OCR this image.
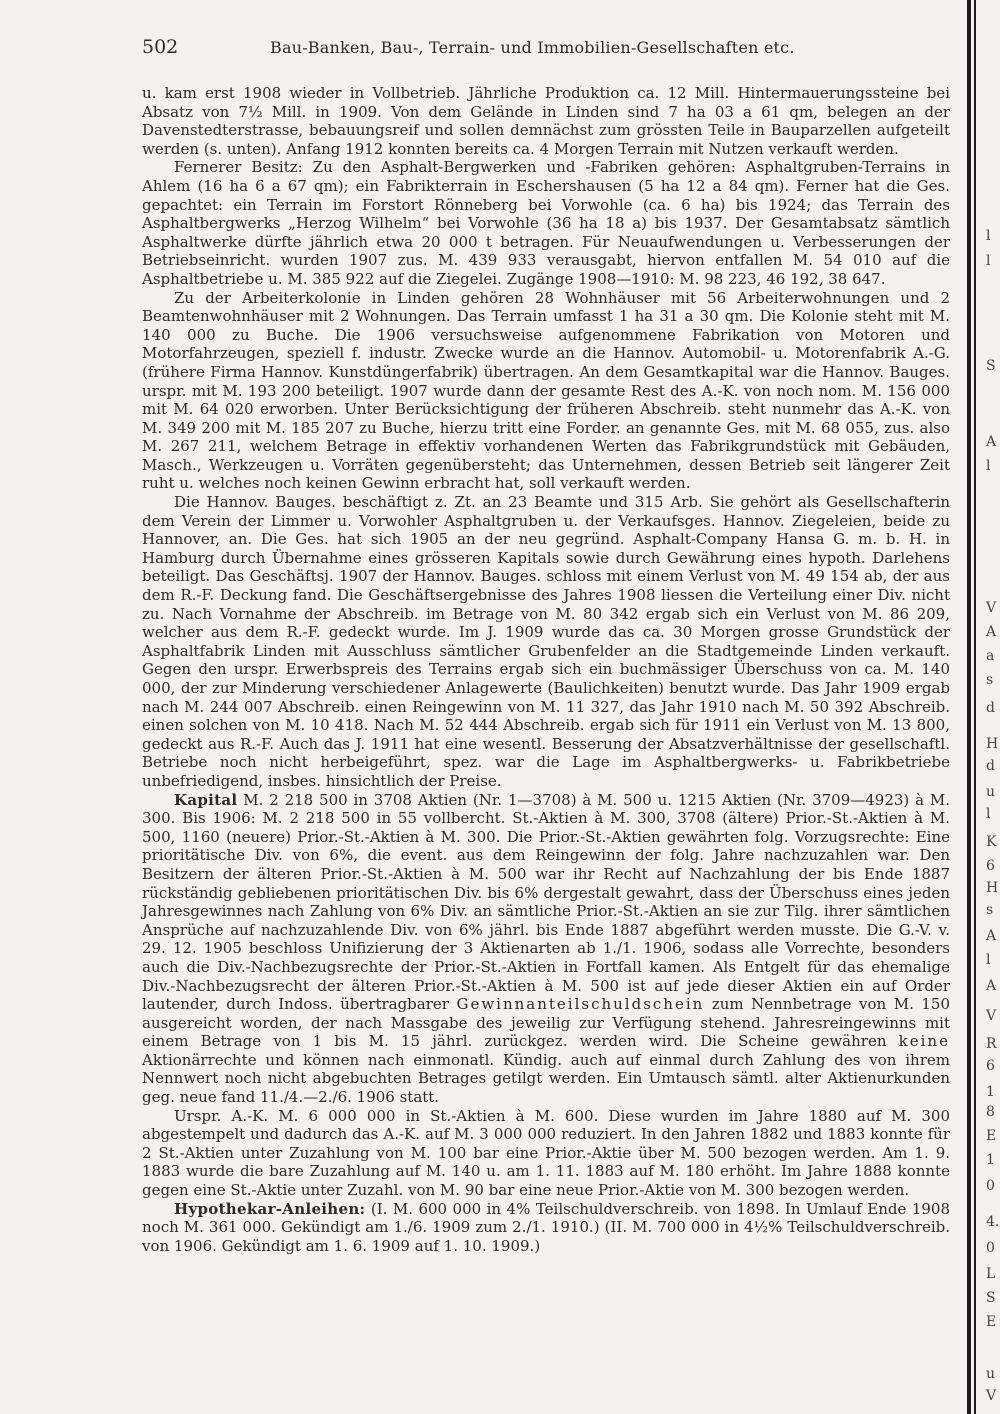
502	Bau-Banken, Bau-, Terrain- und Immobilien-Gesellschaften etc.

u. kam erst 1908 wieder in Vollbetrieb. Jährliche Produktion ca. 12 Mill. Hintermauerungssteine bei Absatz von 7½ Mill. in 1909. Von dem Gelände in Linden sind 7 ha 03 a 61 qm, belegen an der Davenstedterstrasse, bebauungsreif und sollen demnächst zum grössten Teile in Bauparzellen aufgeteilt werden (s. unten). Anfang 1912 konnten bereits ca. 4 Morgen Terrain mit Nutzen verkauft werden.

Fernerer Besitz: Zu den Asphalt-Bergwerken und -Fabriken gehören: Asphaltgruben-Terrains in Ahlem (16 ha 6 a 67 qm); ein Fabrikterrain in Eschershausen (5 ha 12 a 84 qm). Ferner hat die Ges. gepachtet: ein Terrain im Forstort Rönneberg bei Vorwohle (ca. 6 ha) bis 1924; das Terrain des Asphaltbergwerks „Herzog Wilhelm“ bei Vorwohle (36 ha 18 a) bis 1937. Der Gesamtabsatz sämtlich Asphaltwerke dürfte jährlich etwa 20 000 t betragen. Für Neuaufwendungen u. Verbesserungen der Betriebseinricht. wurden 1907 zus. M. 439 933 verausgabt, hiervon entfallen M. 54 010 auf die Asphaltbetriebe u. M. 385 922 auf die Ziegelei. Zugänge 1908—1910: M. 98 223, 46 192, 38 647.

Zu der Arbeiterkolonie in Linden gehören 28 Wohnhäuser mit 56 Arbeiterwohnungen und 2 Beamtenwohnhäuser mit 2 Wohnungen. Das Terrain umfasst 1 ha 31 a 30 qm. Die Kolonie steht mit M. 140 000 zu Buche. Die 1906 versuchsweise aufgenommene Fabrikation von Motoren und Motorfahrzeugen, speziell f. industr. Zwecke wurde an die Hannov. Automobil- u. Motorenfabrik A.-G. (frühere Firma Hannov. Kunstdüngerfabrik) übertragen. An dem Gesamtkapital war die Hannov. Bauges. urspr. mit M. 193 200 beteiligt. 1907 wurde dann der gesamte Rest des A.-K. von noch nom. M. 156 000 mit M. 64 020 erworben. Unter Berücksichtigung der früheren Abschreib. steht nunmehr das A.-K. von M. 349 200 mit M. 185 207 zu Buche, hierzu tritt eine Forder. an genannte Ges. mit M. 68 055, zus. also M. 267 211, welchem Betrage in effektiv vorhandenen Werten das Fabrikgrundstück mit Gebäuden, Masch., Werkzeugen u. Vorräten gegenübersteht; das Unternehmen, dessen Betrieb seit längerer Zeit ruht u. welches noch keinen Gewinn erbracht hat, soll verkauft werden.

Die Hannov. Bauges. beschäftigt z. Zt. an 23 Beamte und 315 Arb. Sie gehört als Gesellschafterin dem Verein der Limmer u. Vorwohler Asphaltgruben u. der Verkaufsges. Hannov. Ziegeleien, beide zu Hannover, an. Die Ges. hat sich 1905 an der neu gegründ. Asphalt-Company Hansa G. m. b. H. in Hamburg durch Übernahme eines grösseren Kapitals sowie durch Gewährung eines hypoth. Darlehens beteiligt. Das Geschäftsj. 1907 der Hannov. Bauges. schloss mit einem Verlust von M. 49 154 ab, der aus dem R.-F. Deckung fand. Die Geschäftsergebnisse des Jahres 1908 liessen die Verteilung einer Div. nicht zu. Nach Vornahme der Abschreib. im Betrage von M. 80 342 ergab sich ein Verlust von M. 86 209, welcher aus dem R.-F. gedeckt wurde. Im J. 1909 wurde das ca. 30 Morgen grosse Grundstück der Asphaltfabrik Linden mit Ausschluss sämtlicher Grubenfelder an die Stadtgemeinde Linden verkauft. Gegen den urspr. Erwerbspreis des Terrains ergab sich ein buchmässiger Überschuss von ca. M. 140 000, der zur Minderung verschiedener Anlagewerte (Baulichkeiten) benutzt wurde. Das Jahr 1909 ergab nach M. 244 007 Abschreib. einen Reingewinn von M. 11 327, das Jahr 1910 nach M. 50 392 Abschreib. einen solchen von M. 10 418. Nach M. 52 444 Abschreib. ergab sich für 1911 ein Verlust von M. 13 800, gedeckt aus R.-F. Auch das J. 1911 hat eine wesentl. Besserung der Absatzverhältnisse der gesellschaftl. Betriebe noch nicht herbeigeführt, spez. war die Lage im Asphaltbergwerks- u. Fabrikbetriebe unbefriedigend, insbes. hinsichtlich der Preise.

Kapital M. 2 218 500 in 3708 Aktien (Nr. 1—3708) à M. 500 u. 1215 Aktien (Nr. 3709—4923) à M. 300. Bis 1906: M. 2 218 500 in 55 vollbercht. St.-Aktien à M. 300, 3708 (ältere) Prior.-St.-Aktien à M. 500, 1160 (neuere) Prior.-St.-Aktien à M. 300. Die Prior.-St.-Aktien gewährten folg. Vorzugsrechte: Eine prioritätische Div. von 6%, die event. aus dem Reingewinn der folg. Jahre nachzuzahlen war. Den Besitzern der älteren Prior.-St.-Aktien à M. 500 war ihr Recht auf Nachzahlung der bis Ende 1887 rückständig gebliebenen prioritätischen Div. bis 6% dergestalt gewahrt, dass der Überschuss eines jeden Jahresgewinnes nach Zahlung von 6% Div. an sämtliche Prior.-St.-Aktien an sie zur Tilg. ihrer sämtlichen Ansprüche auf nachzuzahlende Div. von 6% jährl. bis Ende 1887 abgeführt werden musste. Die G.-V. v. 29. 12. 1905 beschloss Unifizierung der 3 Aktienarten ab 1./1. 1906, sodass alle Vorrechte, besonders auch die Div.-Nachbezugsrechte der Prior.-St.-Aktien in Fortfall kamen. Als Entgelt für das ehemalige Div.-Nachbezugsrecht der älteren Prior.-St.-Aktien à M. 500 ist auf jede dieser Aktien ein auf Order lautender, durch Indoss. übertragbarer Gewinnanteilschuldschein zum Nennbetrage von M. 150 ausgereicht worden, der nach Massgabe des jeweilig zur Verfügung stehend. Jahresreingewinns mit einem Betrage von 1 bis M. 15 jährl. zurückgez. werden wird. Die Scheine gewähren keine Aktionärrechte und können nach einmonatl. Kündig. auch auf einmal durch Zahlung des von ihrem Nennwert noch nicht abgebuchten Betrages getilgt werden. Ein Umtausch sämtl. alter Aktienurkunden geg. neue fand 11./4.—2./6. 1906 statt.

Urspr. A.-K. M. 6 000 000 in St.-Aktien à M. 600. Diese wurden im Jahre 1880 auf M. 300 abgestempelt und dadurch das A.-K. auf M. 3 000 000 reduziert. In den Jahren 1882 und 1883 konnte für 2 St.-Aktien unter Zuzahlung von M. 100 bar eine Prior.-Aktie über M. 500 bezogen werden. Am 1. 9. 1883 wurde die bare Zuzahlung auf M. 140 u. am 1. 11. 1883 auf M. 180 erhöht. Im Jahre 1888 konnte gegen eine St.-Aktie unter Zuzahl. von M. 90 bar eine neue Prior.-Aktie von M. 300 bezogen werden.

Hypothekar-Anleihen: (I. M. 600 000 in 4% Teilschuldverschreib. von 1898. In Umlauf Ende 1908 noch M. 361 000. Gekündigt am 1./6. 1909 zum 2./1. 1910.) (II. M. 700 000 in 4½% Teilschuldverschreib. von 1906. Gekündigt am 1. 6. 1909 auf 1. 10. 1909.)

l
l
S
A
l
V
A
a
s
d
H
d
u
l
K
6
H
s
A
l
A
V
R
6
1
8
E
1
0
4.
0
L
S
E
u
V
